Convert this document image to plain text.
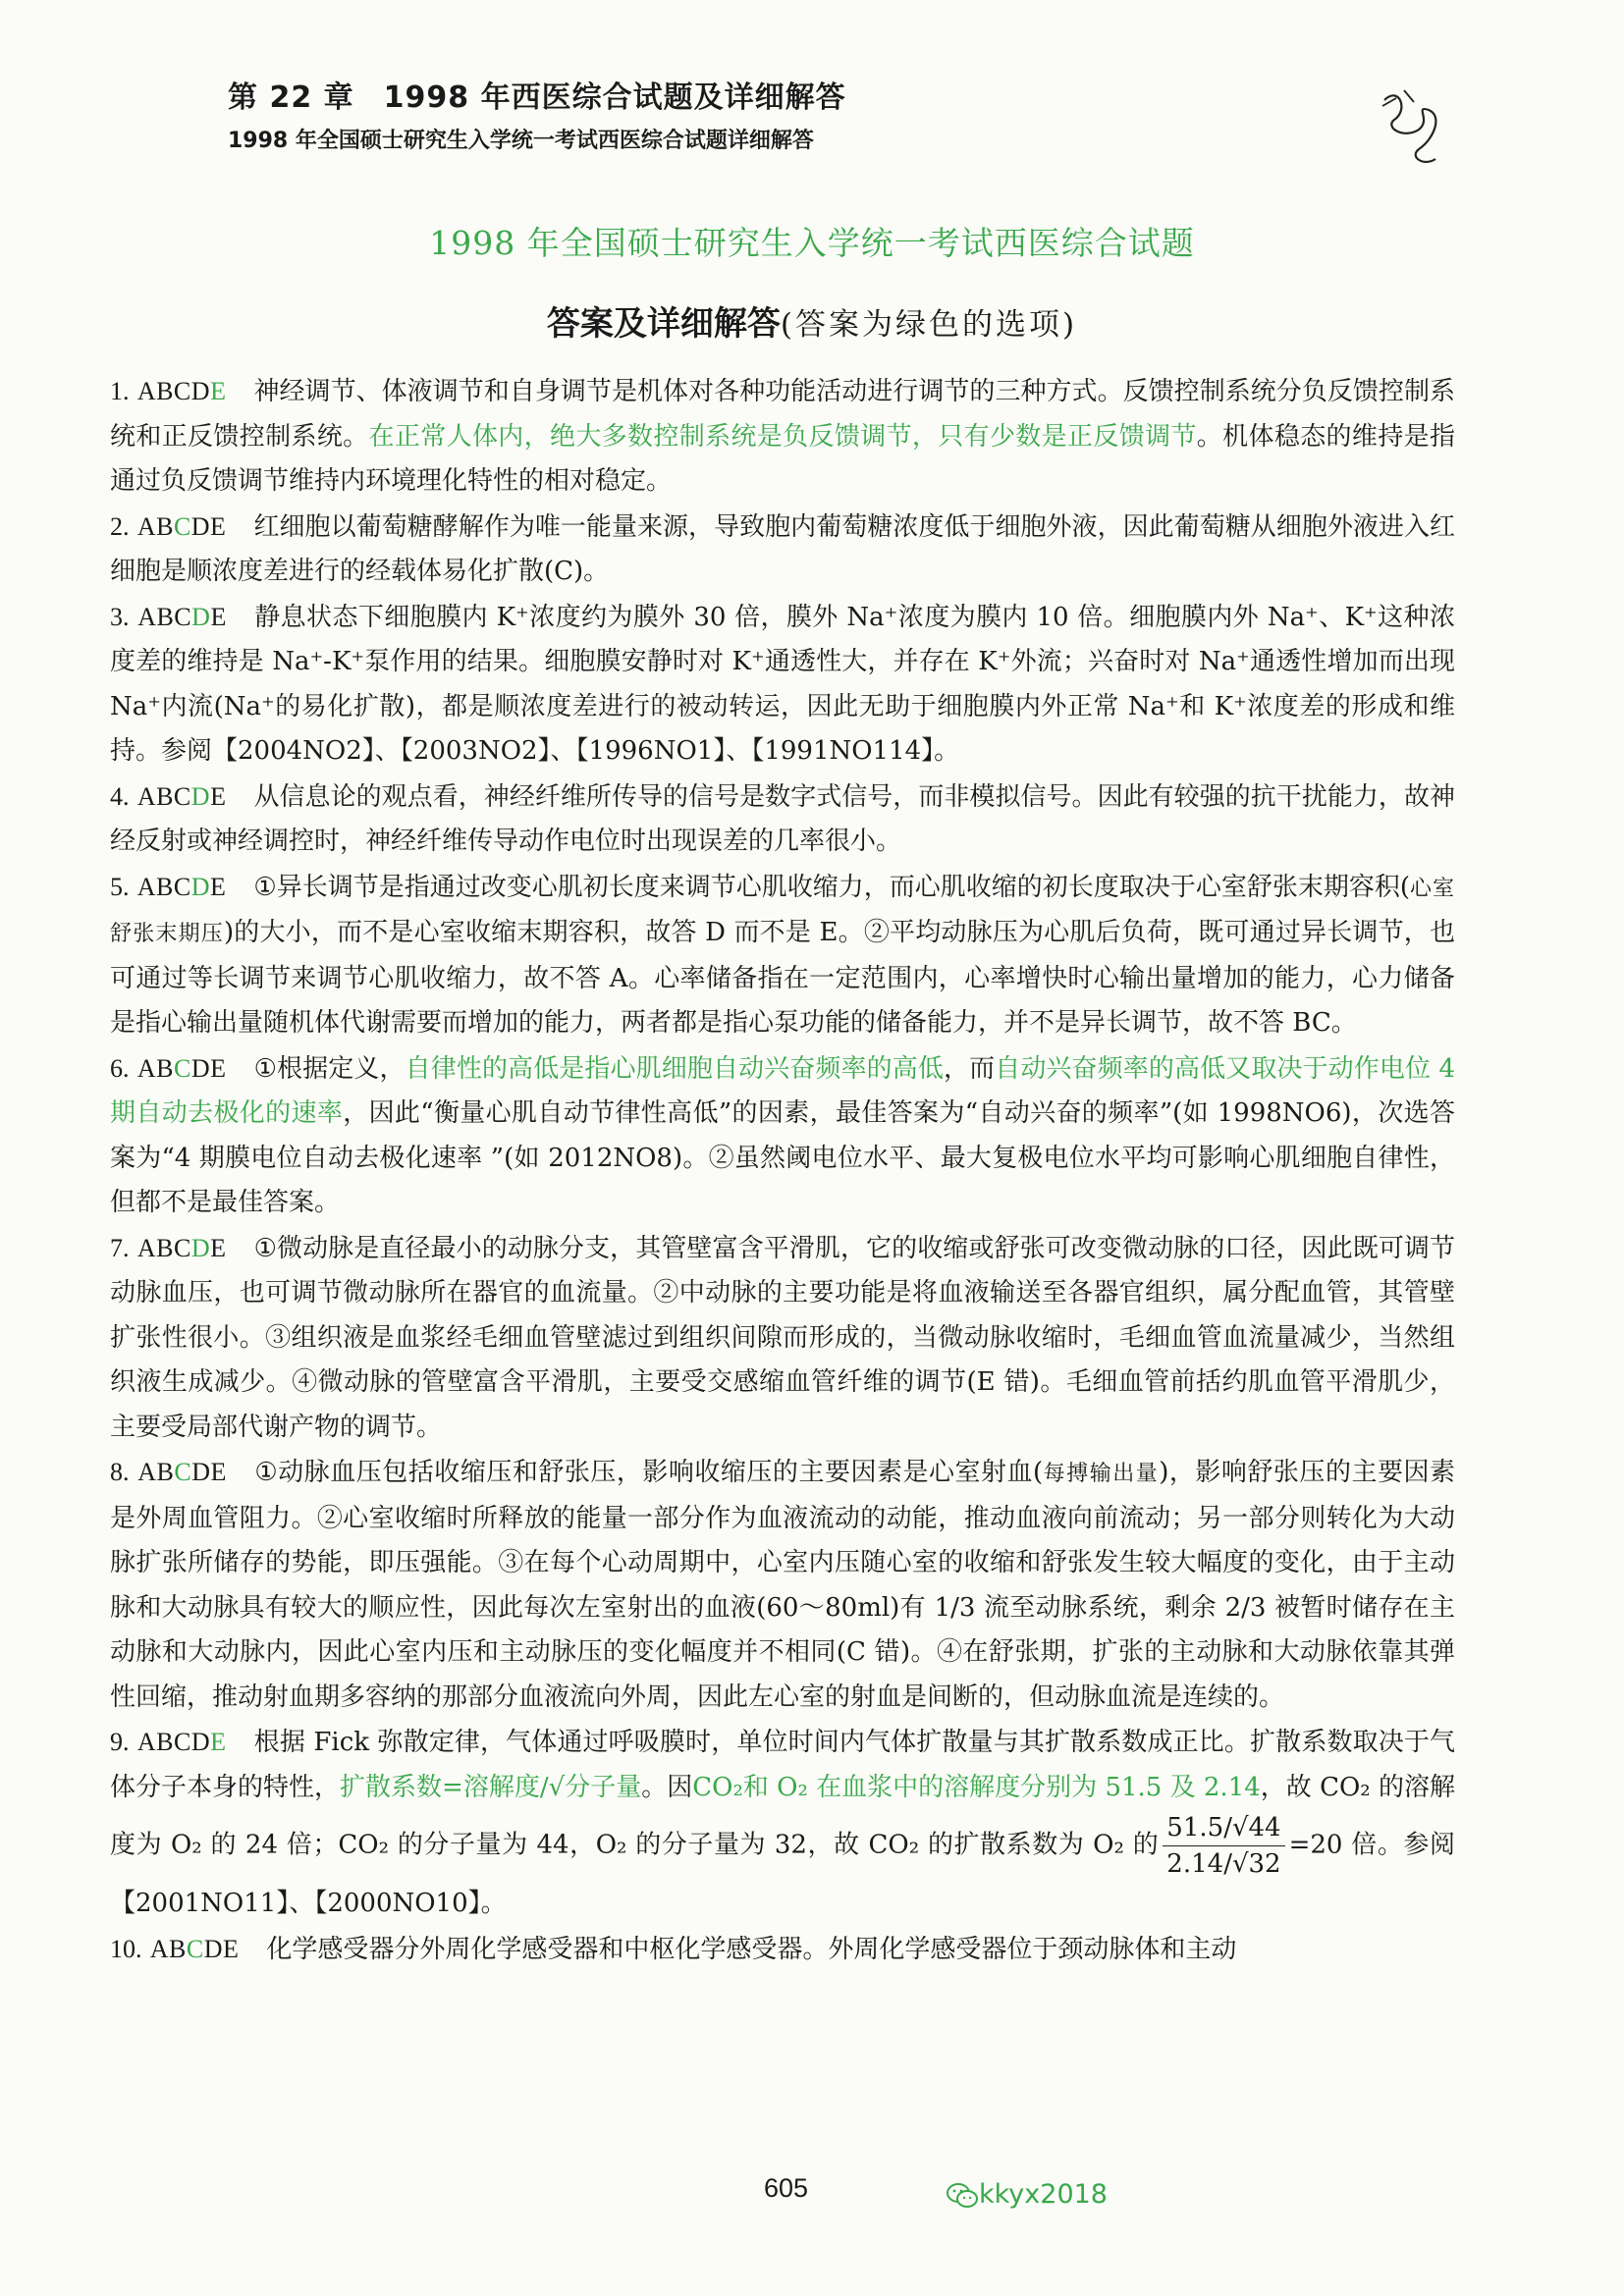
第 22 章 1998 年西医综合试题及详细解答
1998 年全国硕士研究生入学统一考试西医综合试题详细解答
1998 年全国硕士研究生入学统一考试西医综合试题
答案及详细解答(答案为绿色的选项)
1. ABCDE 神经调节、体液调节和自身调节是机体对各种功能活动进行调节的三种方式。反馈控制系统分负反馈控制系统和正反馈控制系统。在正常人体内，绝大多数控制系统是负反馈调节，只有少数是正反馈调节。机体稳态的维持是指通过负反馈调节维持内环境理化特性的相对稳定。
2. ABCDE 红细胞以葡萄糖酵解作为唯一能量来源，导致胞内葡萄糖浓度低于细胞外液，因此葡萄糖从细胞外液进入红细胞是顺浓度差进行的经载体易化扩散(C)。
3. ABCDE 静息状态下细胞膜内 K⁺浓度约为膜外 30 倍，膜外 Na⁺浓度为膜内 10 倍。细胞膜内外 Na⁺、K⁺这种浓度差的维持是 Na⁺-K⁺泵作用的结果。细胞膜安静时对 K⁺通透性大，并存在 K⁺外流；兴奋时对 Na⁺通透性增加而出现 Na⁺内流(Na⁺的易化扩散)，都是顺浓度差进行的被动转运，因此无助于细胞膜内外正常 Na⁺和 K⁺浓度差的形成和维持。参阅【2004NO2】、【2003NO2】、【1996NO1】、【1991NO114】。
4. ABCDE 从信息论的观点看，神经纤维所传导的信号是数字式信号，而非模拟信号。因此有较强的抗干扰能力，故神经反射或神经调控时，神经纤维传导动作电位时出现误差的几率很小。
5. ABCDE ①异长调节是指通过改变心肌初长度来调节心肌收缩力，而心肌收缩的初长度取决于心室舒张末期容积(心室舒张末期压)的大小，而不是心室收缩末期容积，故答 D 而不是 E。②平均动脉压为心肌后负荷，既可通过异长调节，也可通过等长调节来调节心肌收缩力，故不答 A。心率储备指在一定范围内，心率增快时心输出量增加的能力，心力储备是指心输出量随机体代谢需要而增加的能力，两者都是指心泵功能的储备能力，并不是异长调节，故不答 BC。
6. ABCDE ①根据定义，自律性的高低是指心肌细胞自动兴奋频率的高低，而自动兴奋频率的高低又取决于动作电位 4 期自动去极化的速率，因此“衡量心肌自动节律性高低”的因素，最佳答案为“自动兴奋的频率”(如 1998NO6)，次选答案为“4 期膜电位自动去极化速率 ”(如 2012NO8)。②虽然阈电位水平、最大复极电位水平均可影响心肌细胞自律性，但都不是最佳答案。
7. ABCDE ①微动脉是直径最小的动脉分支，其管壁富含平滑肌，它的收缩或舒张可改变微动脉的口径，因此既可调节动脉血压，也可调节微动脉所在器官的血流量。②中动脉的主要功能是将血液输送至各器官组织，属分配血管，其管壁扩张性很小。③组织液是血浆经毛细血管壁滤过到组织间隙而形成的，当微动脉收缩时，毛细血管血流量减少，当然组织液生成减少。④微动脉的管壁富含平滑肌，主要受交感缩血管纤维的调节(E 错)。毛细血管前括约肌血管平滑肌少，主要受局部代谢产物的调节。
8. ABCDE ①动脉血压包括收缩压和舒张压，影响收缩压的主要因素是心室射血(每搏输出量)，影响舒张压的主要因素是外周血管阻力。②心室收缩时所释放的能量一部分作为血液流动的动能，推动血液向前流动；另一部分则转化为大动脉扩张所储存的势能，即压强能。③在每个心动周期中，心室内压随心室的收缩和舒张发生较大幅度的变化，由于主动脉和大动脉具有较大的顺应性，因此每次左室射出的血液(60～80ml)有 1/3 流至动脉系统，剩余 2/3 被暂时储存在主动脉和大动脉内，因此心室内压和主动脉压的变化幅度并不相同(C 错)。④在舒张期，扩张的主动脉和大动脉依靠其弹性回缩，推动射血期多容纳的那部分血液流向外周，因此左心室的射血是间断的，但动脉血流是连续的。
9. ABCDE 根据 Fick 弥散定律，气体通过呼吸膜时，单位时间内气体扩散量与其扩散系数成正比。扩散系数取决于气体分子本身的特性，扩散系数=溶解度/√分子量。因CO₂和 O₂ 在血浆中的溶解度分别为 51.5 及 2.14，故 CO₂ 的溶解度为 O₂ 的 24 倍；CO₂ 的分子量为 44，O₂ 的分子量为 32，故 CO₂ 的扩散系数为 O₂ 的 $\frac{51.5/√44}{2.14/√32} =20$ 倍。参阅【2001NO11】、【2000NO10】。
10. ABCDE 化学感受器分外周化学感受器和中枢化学感受器。外周化学感受器位于颈动脉体和主动
605	kkyx2018
